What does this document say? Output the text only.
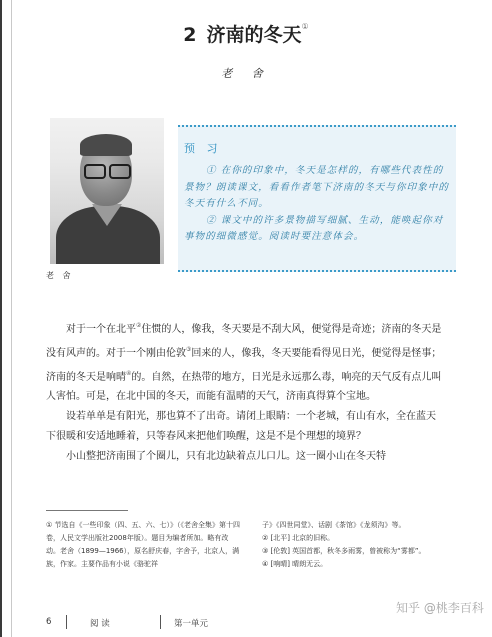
2 济南的冬天①
老 舍
老 舍
预 习

① 在你的印象中，冬天是怎样的，有哪些代表性的景物？朗读课文，看看作者笔下济南的冬天与你印象中的冬天有什么不同。

② 课文中的许多景物描写细腻、生动，能唤起你对事物的细微感觉。阅读时要注意体会。

对于一个在北平②住惯的人，像我，冬天要是不刮大风，便觉得是奇迹；济南的冬天是没有风声的。对于一个刚由伦敦③回来的人，像我，冬天要能看得见日光，便觉得是怪事；济南的冬天是响晴④的。自然，在热带的地方，日光是永远那么毒，响亮的天气反有点儿叫人害怕。可是，在北中国的冬天，而能有温晴的天气，济南真得算个宝地。

设若单单是有阳光，那也算不了出奇。请闭上眼睛：一个老城，有山有水，全在蓝天下很暖和安适地睡着，只等春风来把他们唤醒，这是不是个理想的境界？

小山整把济南围了个圈儿，只有北边缺着点儿口儿。这一圈小山在冬天特

① 节选自《一些印象（四、五、六、七）》（《老舍全集》第十四卷，人民文学出版社2008年版）。题目为编者所加。略有改动。老舍（1899—1966），原名舒庆春，字舍予，北京人，满族，作家。主要作品有小说《骆驼祥

子》《四世同堂》、话剧《茶馆》《龙须沟》等。

② [北平] 北京的旧称。

③ [伦敦] 英国首都，秋冬多雨雾，曾被称为“雾都”。

④ [响晴] 晴朗无云。

6	阅 读	第一单元
知乎 @桃李百科
